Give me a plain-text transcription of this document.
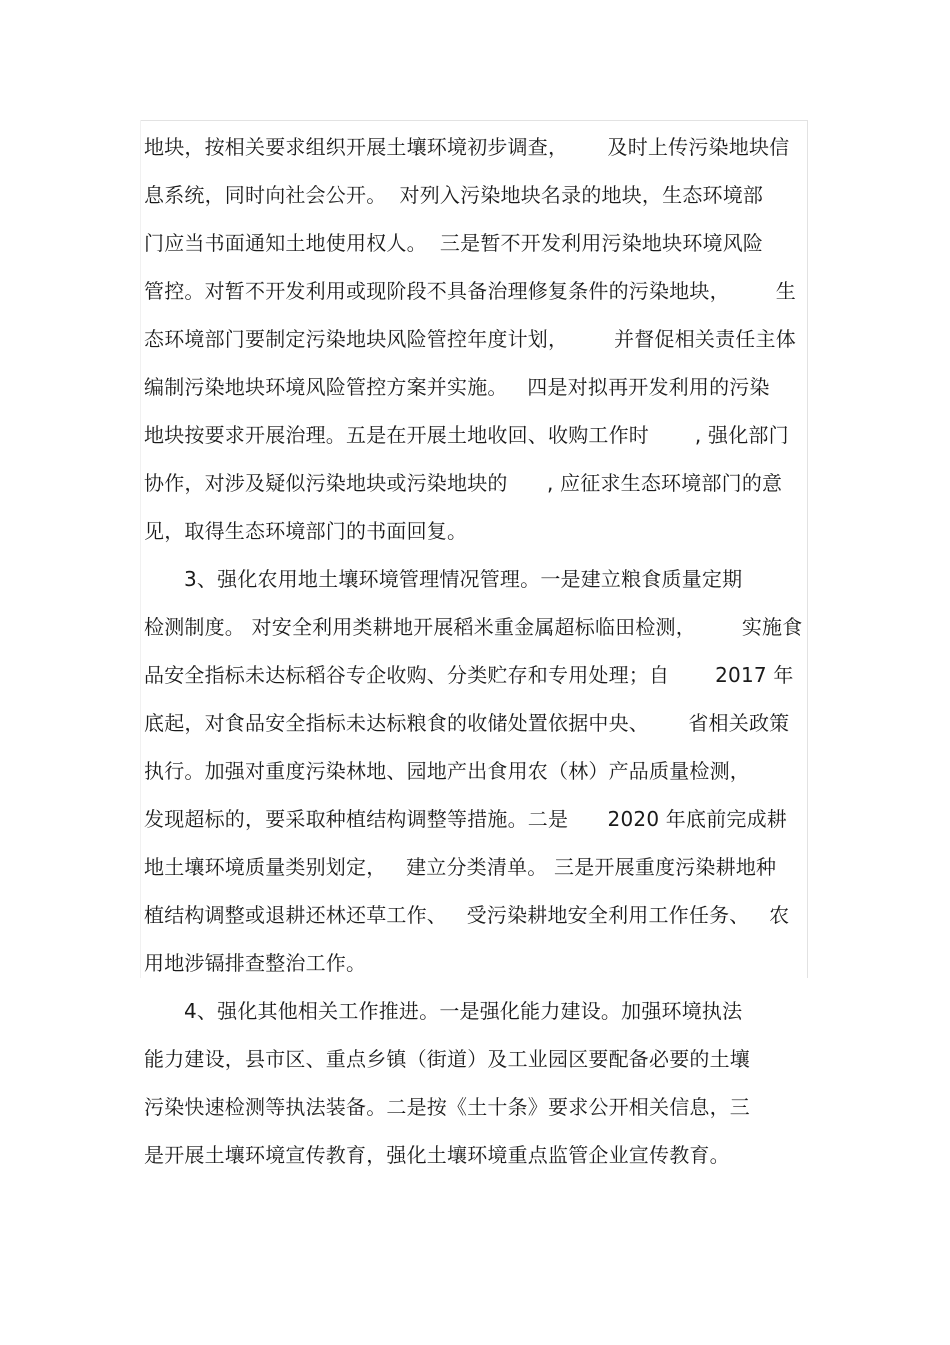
地块，按相关要求组织开展土壤环境初步调查，      及时上传污染地块信
息系统，同时向社会公开。  对列入污染地块名录的地块，生态环境部
门应当书面通知土地使用权人。  三是暂不开发利用污染地块环境风险
管控。对暂不开发利用或现阶段不具备治理修复条件的污染地块，       生
态环境部门要制定污染地块风险管控年度计划，       并督促相关责任主体
编制污染地块环境风险管控方案并实施。   四是对拟再开发利用的污染
地块按要求开展治理。五是在开展土地收回、收购工作时       , 强化部门
协作，对涉及疑似污染地块或污染地块的      , 应征求生态环境部门的意
见，取得生态环境部门的书面回复。
3、强化农用地土壤环境管理情况管理。一是建立粮食质量定期
检测制度。 对安全利用类耕地开展稻米重金属超标临田检测，       实施食
品安全指标未达标稻谷专企收购、分类贮存和专用处理；自       2017 年
底起，对食品安全指标未达标粮食的收储处置依据中央、      省相关政策
执行。加强对重度污染林地、园地产出食用农（林）产品质量检测，
发现超标的，要采取种植结构调整等措施。二是      2020 年底前完成耕
地土壤环境质量类别划定，   建立分类清单。 三是开展重度污染耕地种
植结构调整或退耕还林还草工作、   受污染耕地安全利用工作任务、   农
用地涉镉排查整治工作。
4、强化其他相关工作推进。一是强化能力建设。加强环境执法
能力建设，县市区、重点乡镇（街道）及工业园区要配备必要的土壤
污染快速检测等执法装备。二是按《土十条》要求公开相关信息，三
是开展土壤环境宣传教育，强化土壤环境重点监管企业宣传教育。
